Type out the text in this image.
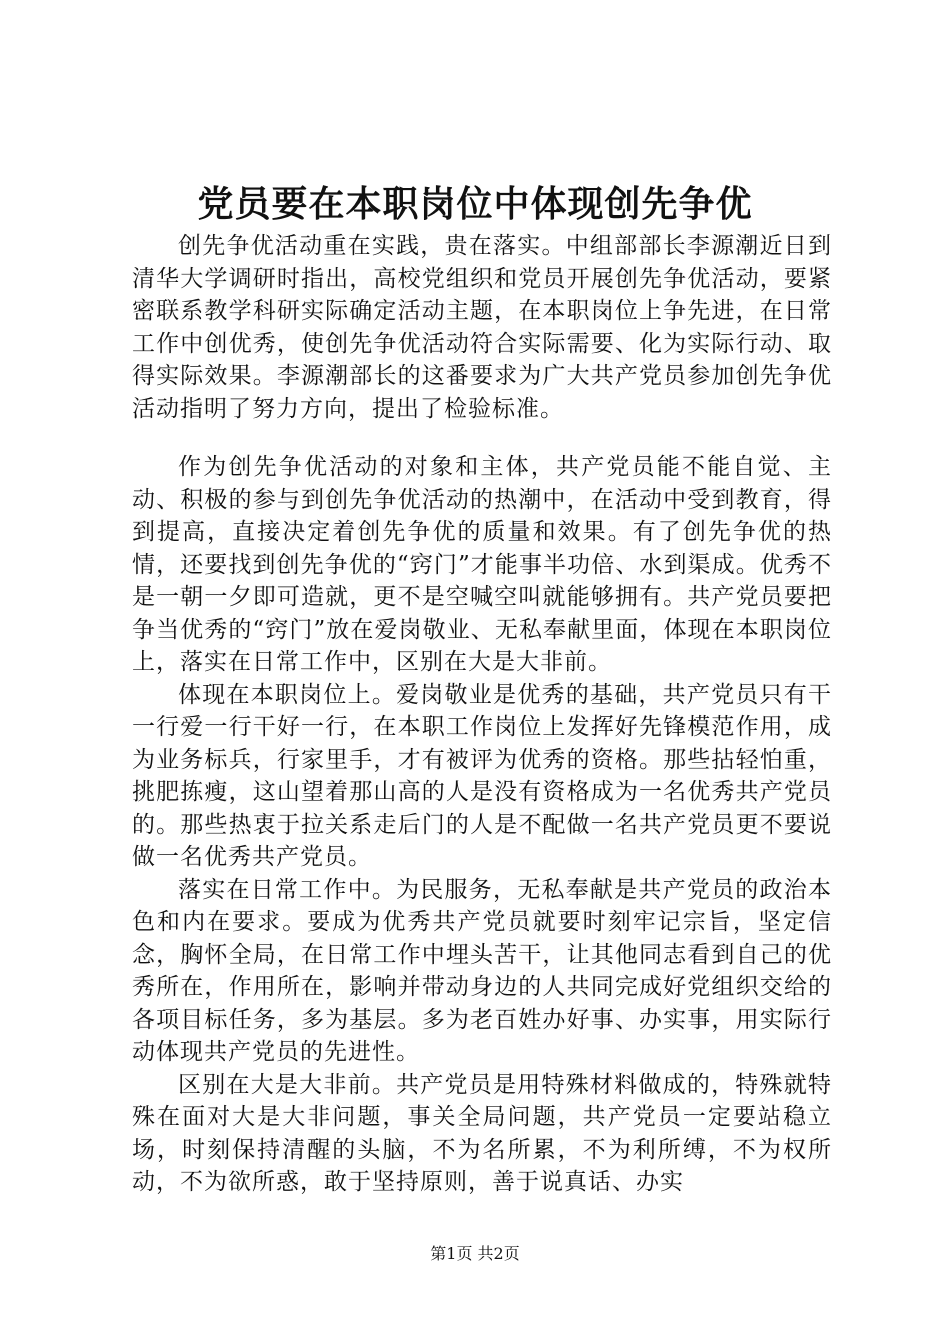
党员要在本职岗位中体现创先争优

创先争优活动重在实践，贵在落实。中组部部长李源潮近日到清华大学调研时指出，高校党组织和党员开展创先争优活动，要紧密联系教学科研实际确定活动主题，在本职岗位上争先进，在日常工作中创优秀，使创先争优活动符合实际需要、化为实际行动、取得实际效果。李源潮部长的这番要求为广大共产党员参加创先争优活动指明了努力方向，提出了检验标准。

作为创先争优活动的对象和主体，共产党员能不能自觉、主动、积极的参与到创先争优活动的热潮中，在活动中受到教育，得到提高，直接决定着创先争优的质量和效果。有了创先争优的热情，还要找到创先争优的“窍门”才能事半功倍、水到渠成。优秀不是一朝一夕即可造就，更不是空喊空叫就能够拥有。共产党员要把争当优秀的“窍门”放在爱岗敬业、无私奉献里面，体现在本职岗位上，落实在日常工作中，区别在大是大非前。

体现在本职岗位上。爱岗敬业是优秀的基础，共产党员只有干一行爱一行干好一行，在本职工作岗位上发挥好先锋模范作用，成为业务标兵，行家里手，才有被评为优秀的资格。那些拈轻怕重，挑肥拣瘦，这山望着那山高的人是没有资格成为一名优秀共产党员的。那些热衷于拉关系走后门的人是不配做一名共产党员更不要说做一名优秀共产党员。

落实在日常工作中。为民服务，无私奉献是共产党员的政治本色和内在要求。要成为优秀共产党员就要时刻牢记宗旨，坚定信念，胸怀全局，在日常工作中埋头苦干，让其他同志看到自己的优秀所在，作用所在，影响并带动身边的人共同完成好党组织交给的各项目标任务，多为基层。多为老百姓办好事、办实事，用实际行动体现共产党员的先进性。

区别在大是大非前。共产党员是用特殊材料做成的，特殊就特殊在面对大是大非问题，事关全局问题，共产党员一定要站稳立场，时刻保持清醒的头脑，不为名所累，不为利所缚，不为权所动，不为欲所惑，敢于坚持原则，善于说真话、办实

第1页 共2页
